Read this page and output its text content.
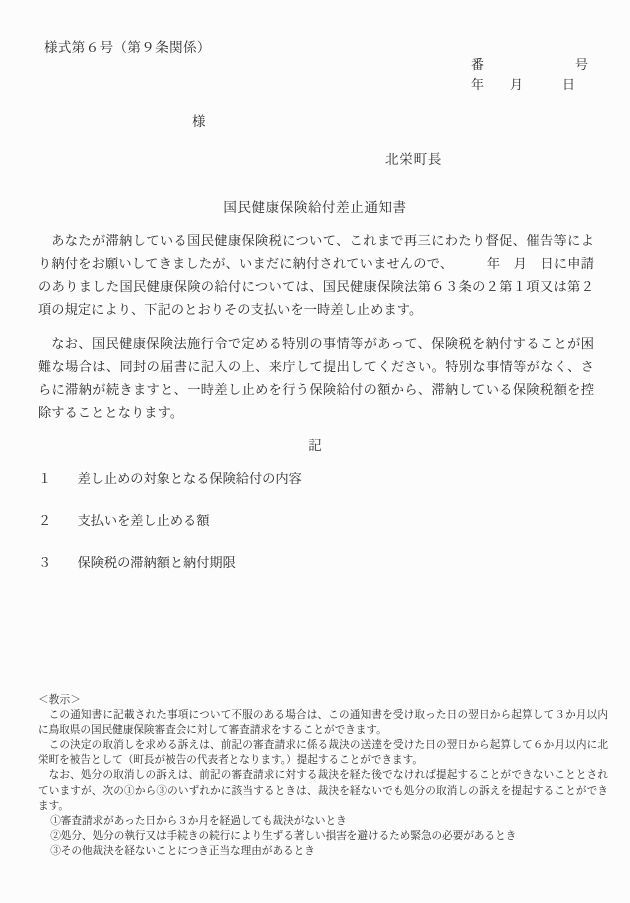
様式第６号（第９条関係）
番　　　　　　　号
年　　月　　　日
様
北栄町長
国民健康保険給付差止通知書

あなたが滞納している国民健康保険税について、これまで再三にわたり督促、催告等により納付をお願いしてきましたが、いまだに納付されていませんので、　　　年　月　日に申請のありました国民健康保険の給付については、国民健康保険法第６３条の２第１項又は第２項の規定により、下記のとおりその支払いを一時差し止めます。

なお、国民健康保険法施行令で定める特別の事情等があって、保険税を納付することが困難な場合は、同封の届書に記入の上、来庁して提出してください。特別な事情等がなく、さらに滞納が続きますと、一時差し止めを行う保険給付の額から、滞納している保険税額を控除することとなります。

記
１　　 差し止めの対象となる保険給付の内容
２　　 支払いを差し止める額
３　　 保険税の滞納額と納付期限
＜教示＞

この通知書に記載された事項について不服のある場合は、この通知書を受け取った日の翌日から起算して３か月以内に鳥取県の国民健康保険審査会に対して審査請求をすることができます。

この決定の取消しを求める訴えは、前記の審査請求に係る裁決の送達を受けた日の翌日から起算して６か月以内に北栄町を被告として（町長が被告の代表者となります。）提起することができます。

なお、処分の取消しの訴えは、前記の審査請求に対する裁決を経た後でなければ提起することができないこととされていますが、次の①から③のいずれかに該当するときは、裁決を経ないでも処分の取消しの訴えを提起することができます。

①審査請求があった日から３か月を経過しても裁決がないとき
②処分、処分の執行又は手続きの続行により生ずる著しい損害を避けるため緊急の必要があるとき
③その他裁決を経ないことにつき正当な理由があるとき
